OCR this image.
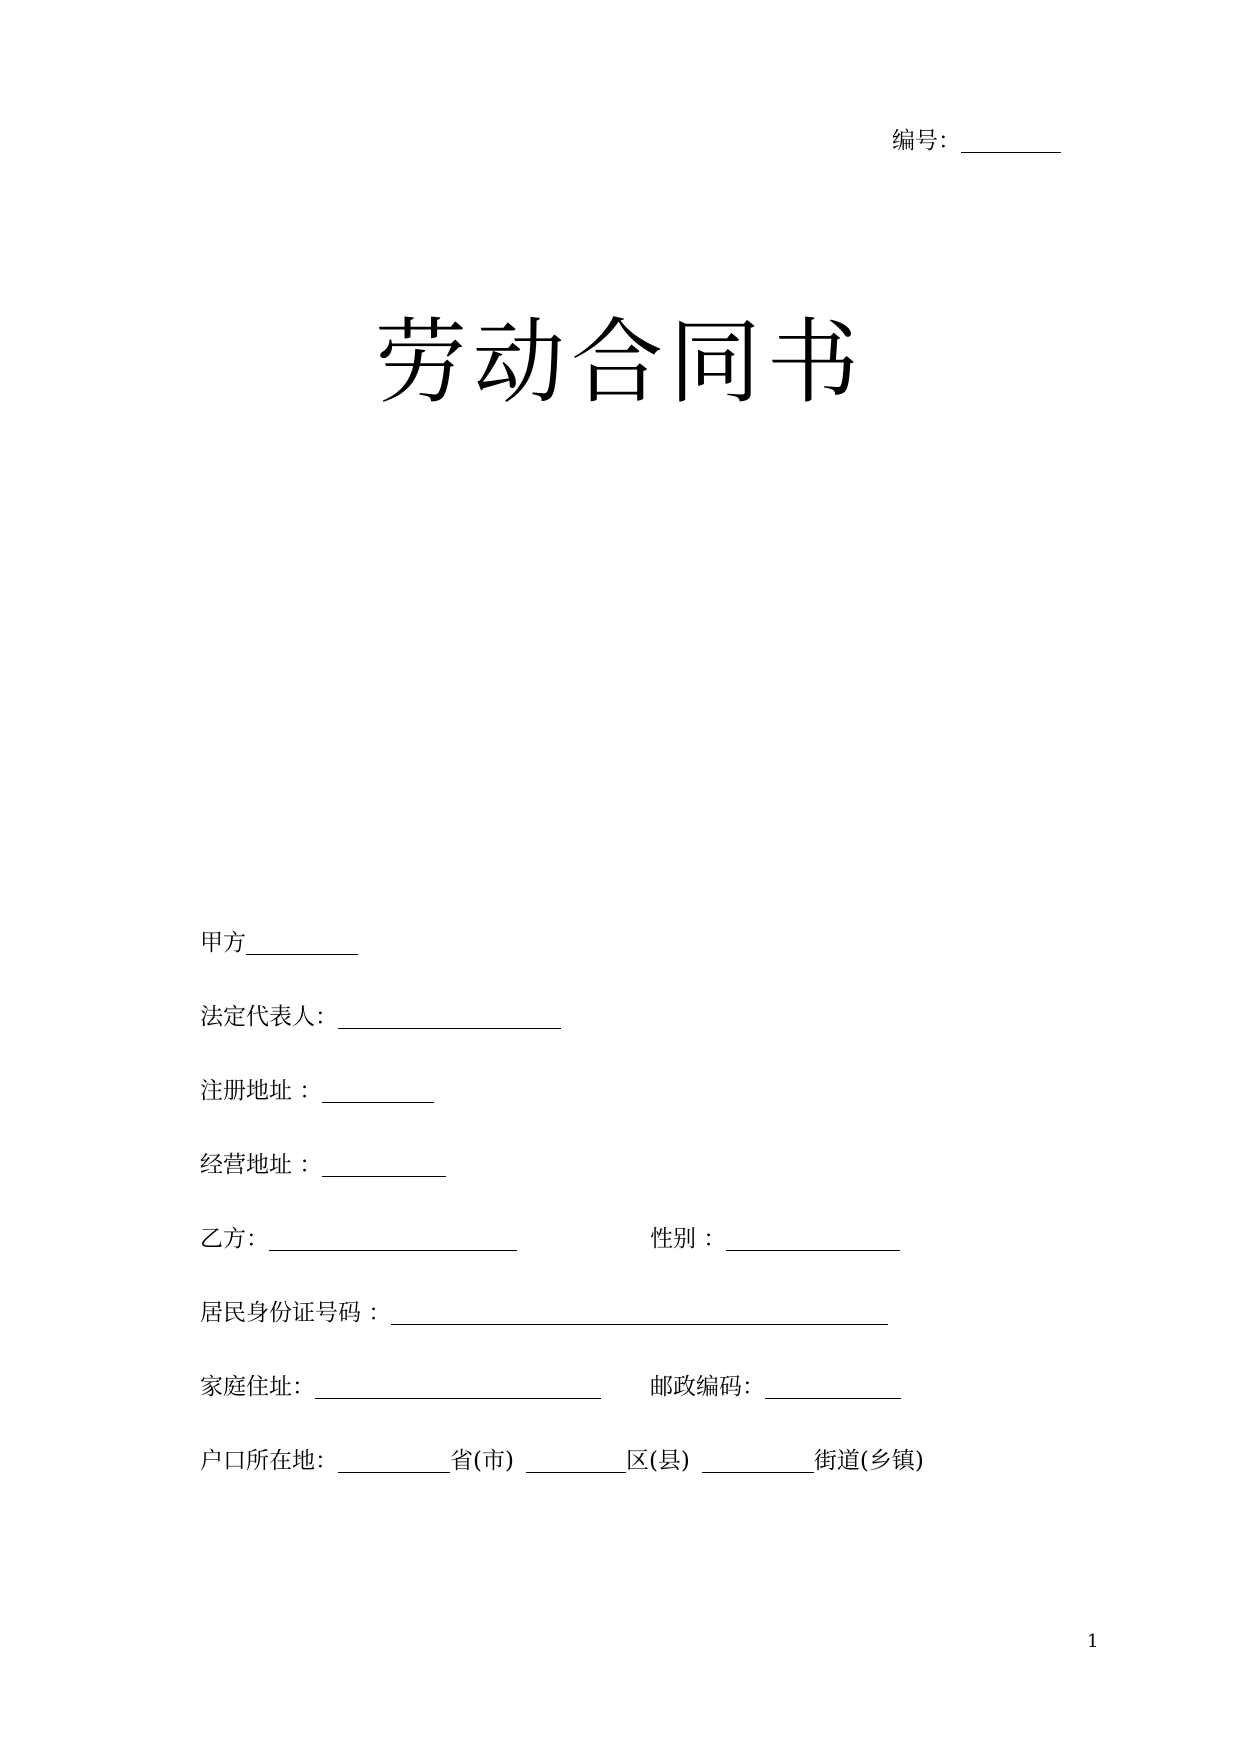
编号：
劳动合同书
甲方
法定代表人：
注册地址 ：
经营地址 ：
乙方：	性别 ：
居民身份证号码 ：
家庭住址：	邮政编码：
户口所在地：	省(市)	区(县)	街道(乡镇)
1
